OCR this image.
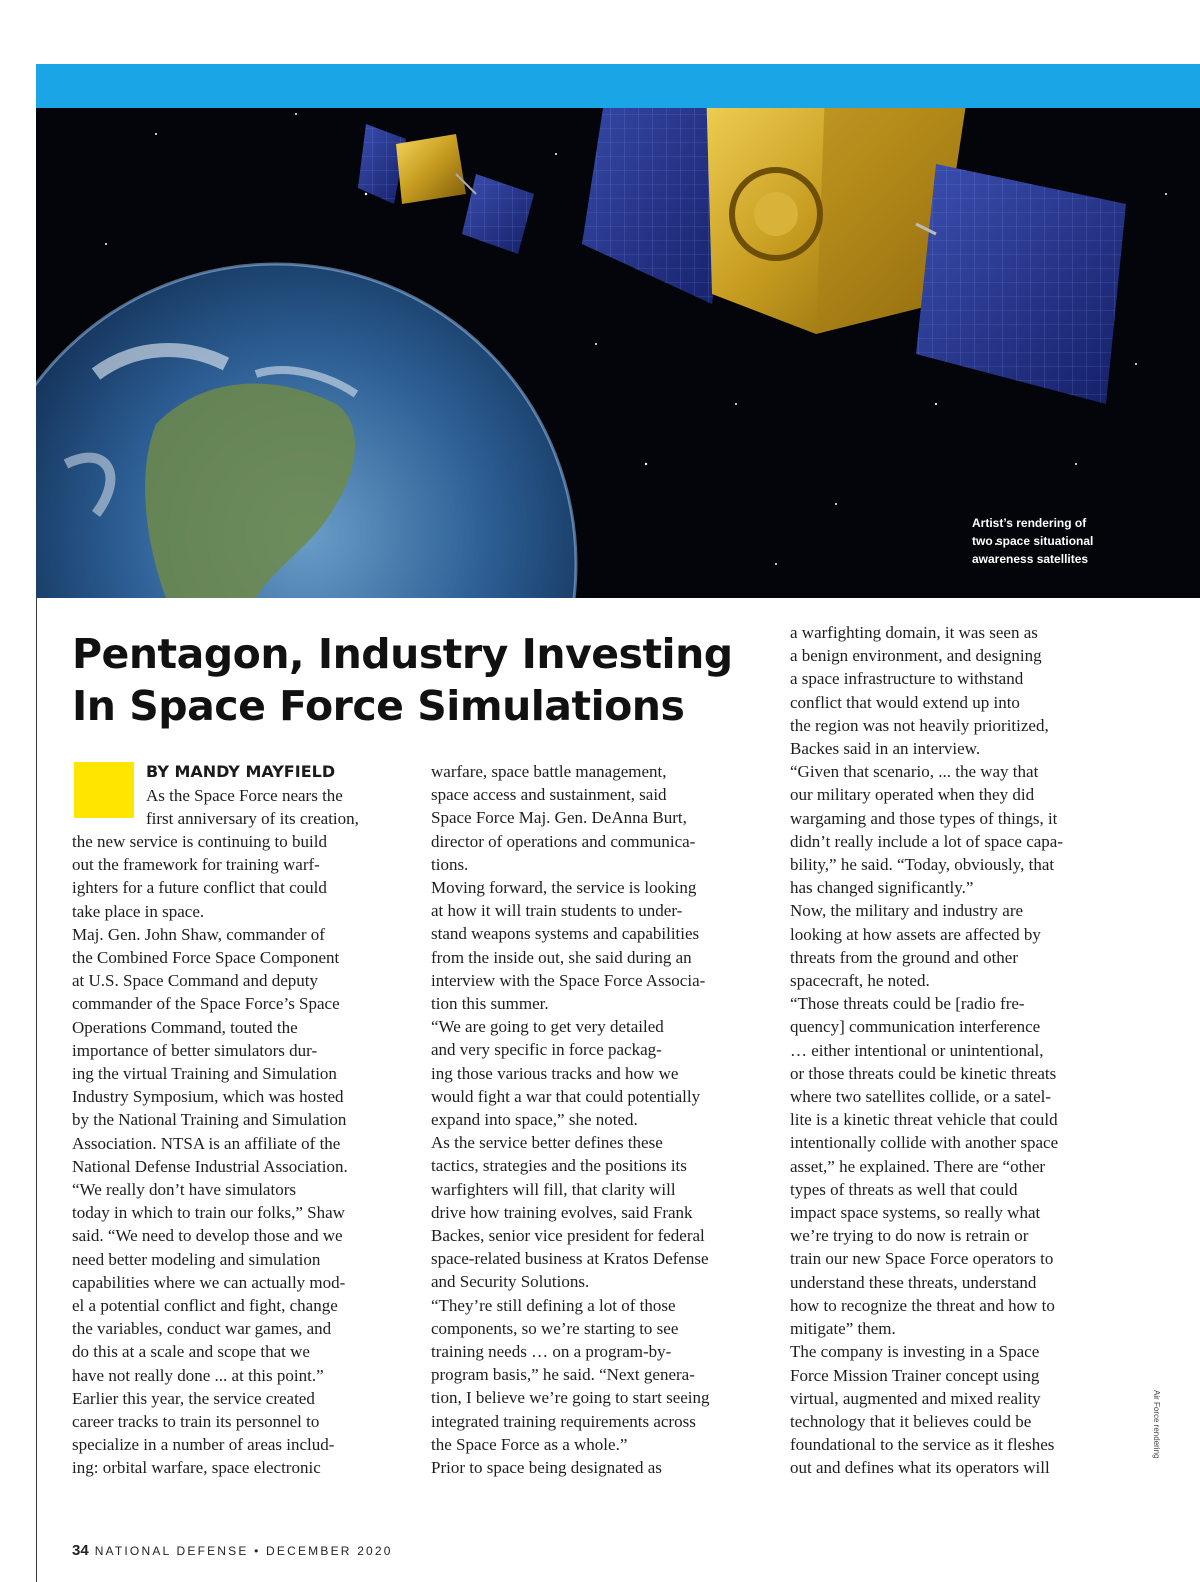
Artist’s rendering of
two space situational
awareness satellites
Pentagon, Industry Investing
In Space Force Simulations
BY MANDY MAYFIELD
As the Space Force nears the
first anniversary of its creation,
the new service is continuing to build
out the framework for training warf-
ighters for a future conflict that could
take place in space.
Maj. Gen. John Shaw, commander of
the Combined Force Space Component
at U.S. Space Command and deputy
commander of the Space Force’s Space
Operations Command, touted the
importance of better simulators dur-
ing the virtual Training and Simulation
Industry Symposium, which was hosted
by the National Training and Simulation
Association. NTSA is an affiliate of the
National Defense Industrial Association.
“We really don’t have simulators
today in which to train our folks,” Shaw
said. “We need to develop those and we
need better modeling and simulation
capabilities where we can actually mod-
el a potential conflict and fight, change
the variables, conduct war games, and
do this at a scale and scope that we
have not really done ... at this point.”
Earlier this year, the service created
career tracks to train its personnel to
specialize in a number of areas includ-
ing: orbital warfare, space electronic
warfare, space battle management,
space access and sustainment, said
Space Force Maj. Gen. DeAnna Burt,
director of operations and communica-
tions.
Moving forward, the service is looking
at how it will train students to under-
stand weapons systems and capabilities
from the inside out, she said during an
interview with the Space Force Associa-
tion this summer.
“We are going to get very detailed
and very specific in force packag-
ing those various tracks and how we
would fight a war that could potentially
expand into space,” she noted.
As the service better defines these
tactics, strategies and the positions its
warfighters will fill, that clarity will
drive how training evolves, said Frank
Backes, senior vice president for federal
space-related business at Kratos Defense
and Security Solutions.
“They’re still defining a lot of those
components, so we’re starting to see
training needs … on a program-by-
program basis,” he said. “Next genera-
tion, I believe we’re going to start seeing
integrated training requirements across
the Space Force as a whole.”
Prior to space being designated as
a warfighting domain, it was seen as
a benign environment, and designing
a space infrastructure to withstand
conflict that would extend up into
the region was not heavily prioritized,
Backes said in an interview.
“Given that scenario, ... the way that
our military operated when they did
wargaming and those types of things, it
didn’t really include a lot of space capa-
bility,” he said. “Today, obviously, that
has changed significantly.”
Now, the military and industry are
looking at how assets are affected by
threats from the ground and other
spacecraft, he noted.
“Those threats could be [radio fre-
quency] communication interference
… either intentional or unintentional,
or those threats could be kinetic threats
where two satellites collide, or a satel-
lite is a kinetic threat vehicle that could
intentionally collide with another space
asset,” he explained. There are “other
types of threats as well that could
impact space systems, so really what
we’re trying to do now is retrain or
train our new Space Force operators to
understand these threats, understand
how to recognize the threat and how to
mitigate” them.
The company is investing in a Space
Force Mission Trainer concept using
virtual, augmented and mixed reality
technology that it believes could be
foundational to the service as it fleshes
out and defines what its operators will
Air Force rendering
34 NATIONAL DEFENSE • DECEMBER 2020
